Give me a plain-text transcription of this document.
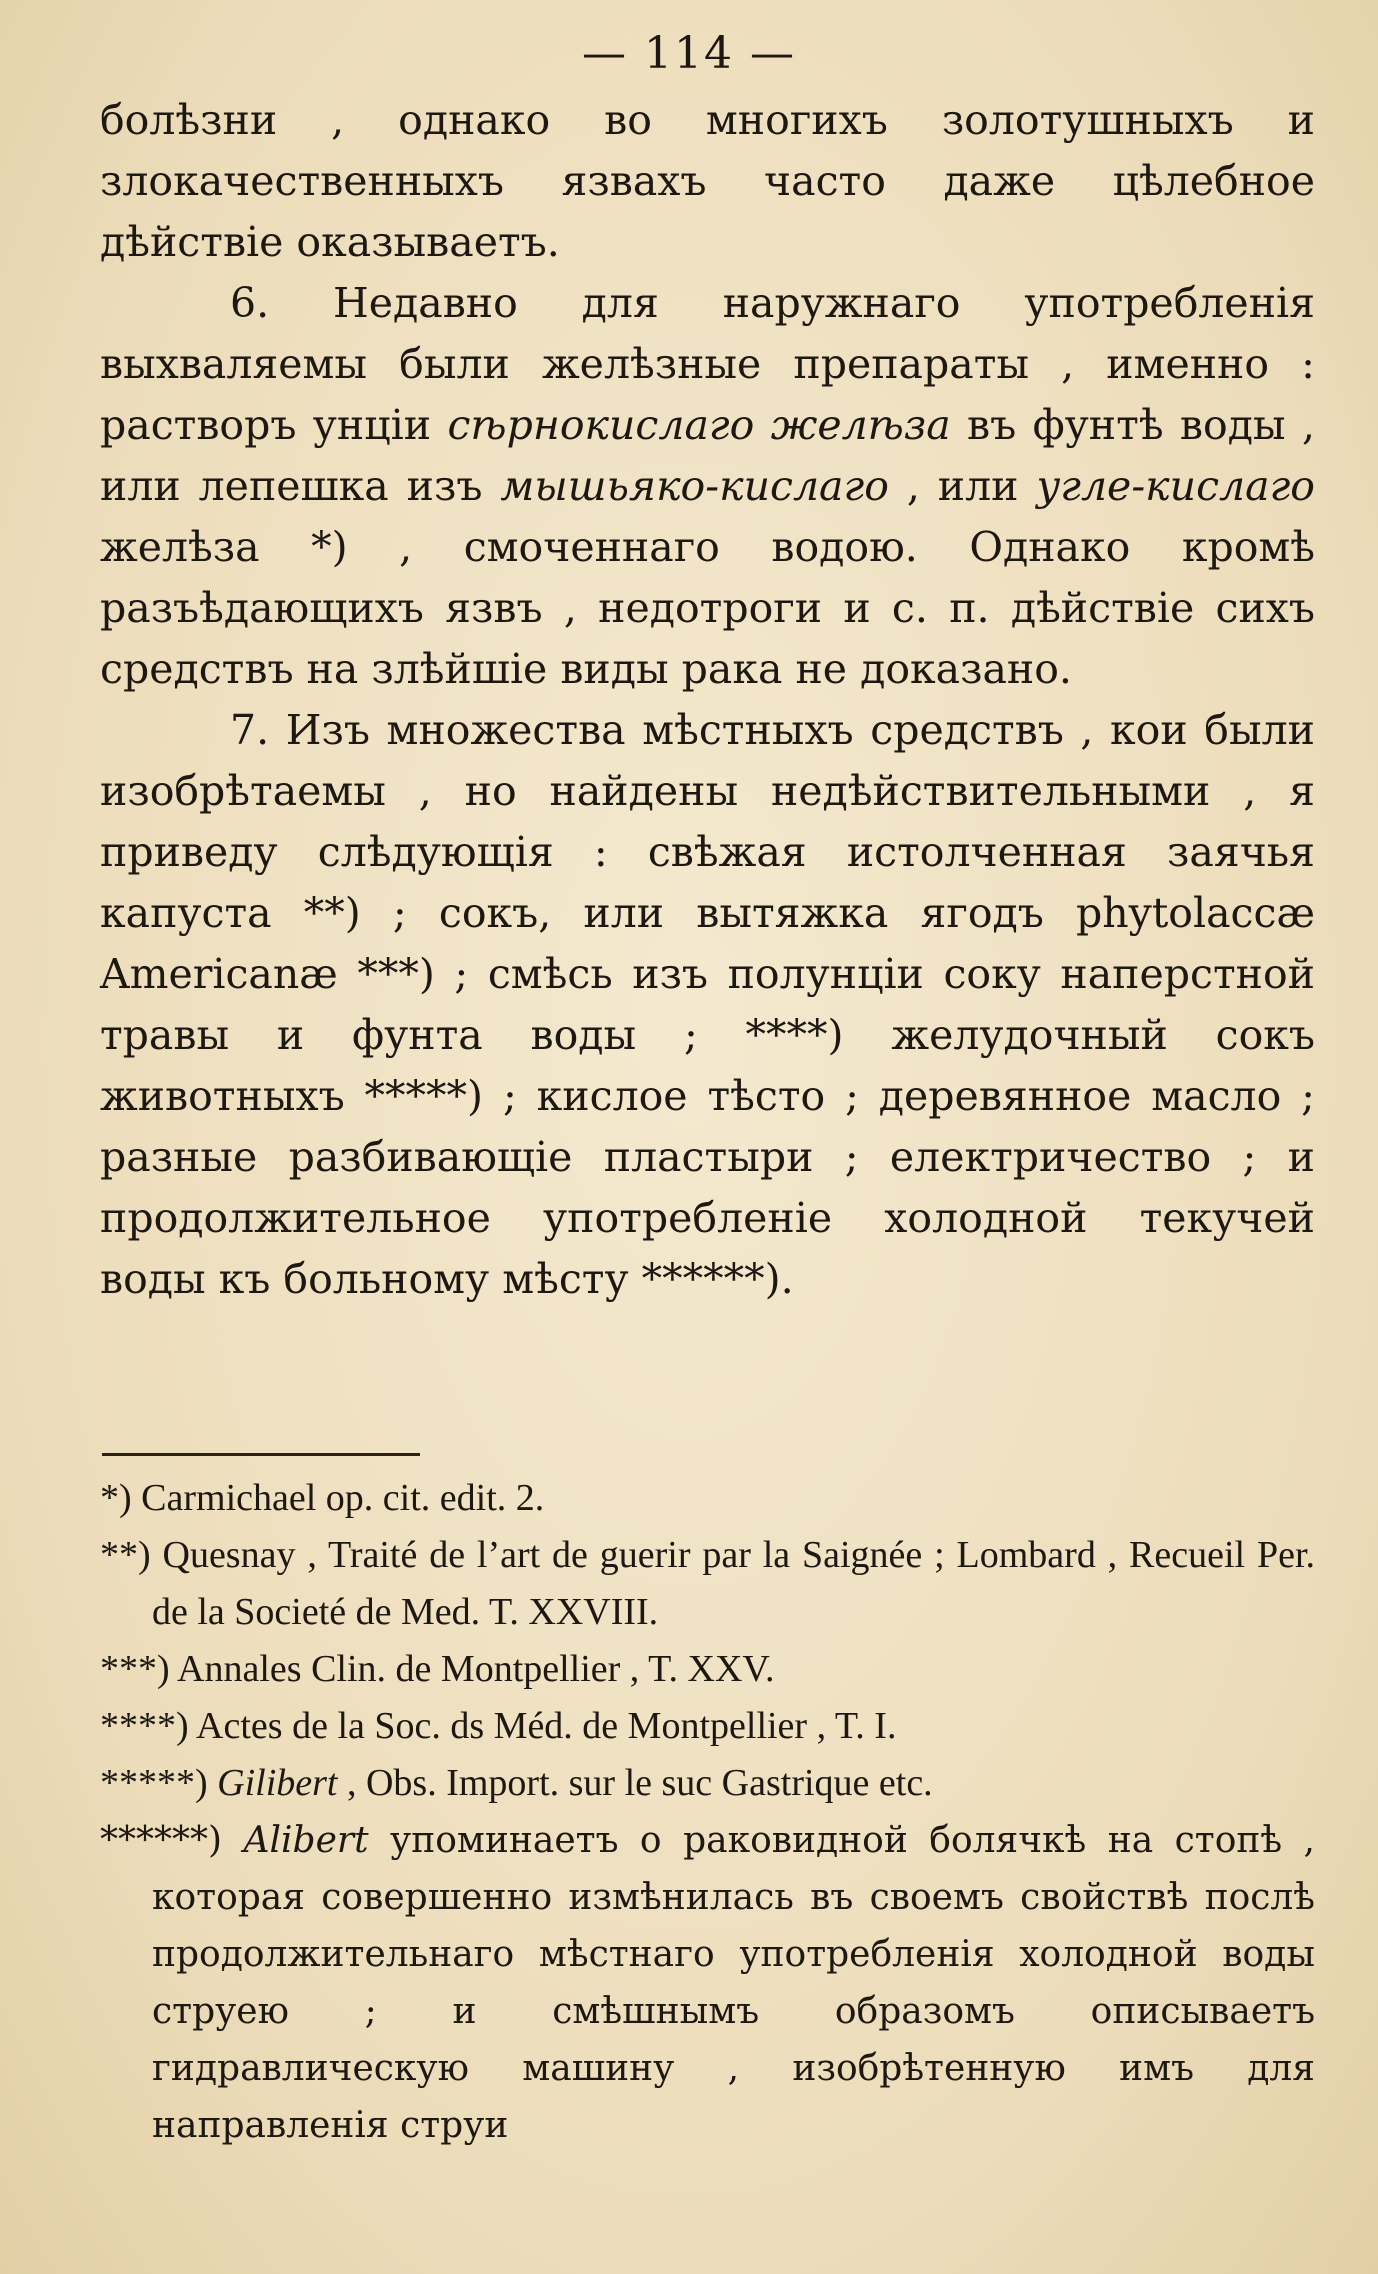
— 114 —

болѣзни , однако во многихъ золотушныхъ и злокачественныхъ язвахъ часто даже цѣлебное дѣйствіе оказываетъ.

6. Недавно для наружнаго употребленія выхваляемы были желѣзные препараты , именно : растворъ унціи сѣрнокислаго желѣза въ фунтѣ воды , или лепешка изъ мышьяко-кислаго , или угле-кислаго желѣза *) , смоченнаго водою. Однако кромѣ разъѣдающихъ язвъ , недотроги и с. п. дѣйствіе сихъ средствъ на злѣйшіе виды рака не доказано.

7. Изъ множества мѣстныхъ средствъ , кои были изобрѣтаемы , но найдены недѣйствительными , я приведу слѣдующія : свѣжая истолченная заячья капуста **) ; сокъ, или вытяжка ягодъ phytolaccæ Americanæ ***) ; смѣсь изъ полунціи соку наперстной травы и фунта воды ; ****) желудочный сокъ животныхъ *****) ; кислое тѣсто ; деревянное масло ; разные разбивающіе пластыри ; електричество ; и продолжительное употребленіе холодной текучей воды къ больному мѣсту ******).

*) Carmichael op. cit. edit. 2.

**) Quesnay , Traité de l’art de guerir par la Saignée ; Lombard , Recueil Per. de la Societé de Med. T. XXVIII.

***) Annales Clin. de Montpellier , T. XXV.

****) Actes de la Soc. ds Méd. de Montpellier , T. I.

*****) Gilibert , Obs. Import. sur le suc Gastrique etc.

******) Alibert упоминаетъ о раковидной болячкѣ на стопѣ , которая совершенно измѣнилась въ своемъ свойствѣ послѣ продолжительнаго мѣстнаго употребленія холодной воды струею ; и смѣшнымъ образомъ описываетъ гидравлическую машину , изобрѣтенную имъ для направленія струи
